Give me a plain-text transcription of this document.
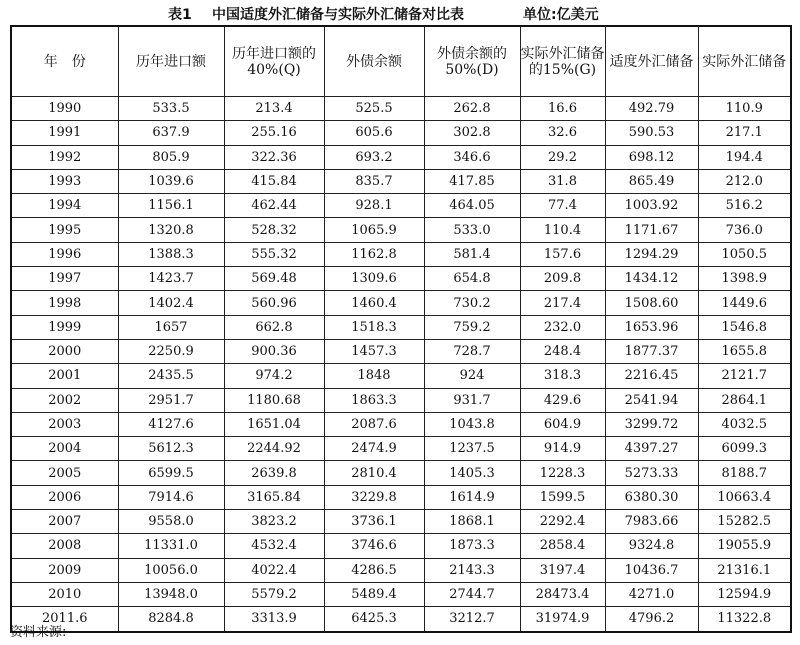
表1 中国适度外汇储备与实际外汇储备对比表	单位:亿美元
年　份	历年进口额	历年进口额的40%(Q)	外债余额	外债余额的50%(D)	实际外汇储备的15%(G)	适度外汇储备	实际外汇储备
1990	533.5	213.4	525.5	262.8	16.6	492.79	110.9
1991	637.9	255.16	605.6	302.8	32.6	590.53	217.1
1992	805.9	322.36	693.2	346.6	29.2	698.12	194.4
1993	1039.6	415.84	835.7	417.85	31.8	865.49	212.0
1994	1156.1	462.44	928.1	464.05	77.4	1003.92	516.2
1995	1320.8	528.32	1065.9	533.0	110.4	1171.67	736.0
1996	1388.3	555.32	1162.8	581.4	157.6	1294.29	1050.5
1997	1423.7	569.48	1309.6	654.8	209.8	1434.12	1398.9
1998	1402.4	560.96	1460.4	730.2	217.4	1508.60	1449.6
1999	1657	662.8	1518.3	759.2	232.0	1653.96	1546.8
2000	2250.9	900.36	1457.3	728.7	248.4	1877.37	1655.8
2001	2435.5	974.2	1848	924	318.3	2216.45	2121.7
2002	2951.7	1180.68	1863.3	931.7	429.6	2541.94	2864.1
2003	4127.6	1651.04	2087.6	1043.8	604.9	3299.72	4032.5
2004	5612.3	2244.92	2474.9	1237.5	914.9	4397.27	6099.3
2005	6599.5	2639.8	2810.4	1405.3	1228.3	5273.33	8188.7
2006	7914.6	3165.84	3229.8	1614.9	1599.5	6380.30	10663.4
2007	9558.0	3823.2	3736.1	1868.1	2292.4	7983.66	15282.5
2008	11331.0	4532.4	3746.6	1873.3	2858.4	9324.8	19055.9
2009	10056.0	4022.4	4286.5	2143.3	3197.4	10436.7	21316.1
2010	13948.0	5579.2	5489.4	2744.7	28473.4	4271.0	12594.9
2011.6	8284.8	3313.9	6425.3	3212.7	31974.9	4796.2	11322.8
资料来源:
